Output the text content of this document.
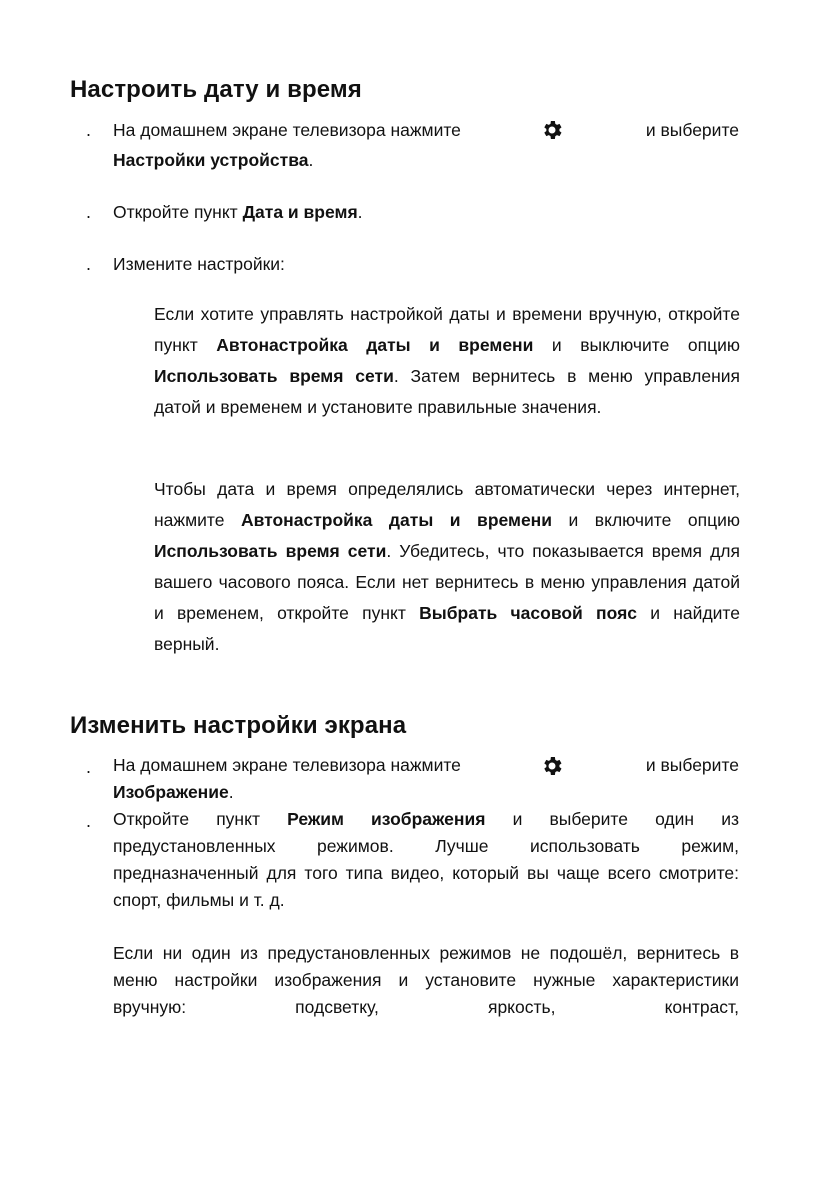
Настроить дату и время
. На домашнем экране телевизора нажмите	и выберите
Настройки устройства.
. Откройте пункт Дата и время.
. Измените настройки:
Если хотите управлять настройкой даты и времени вручную, откройте пункт Автонастройка даты и времени и выключите опцию Использовать время сети. Затем вернитесь в меню управления датой и временем и установите правильные значения.
Чтобы дата и время определялись автоматически через интернет, нажмите Автонастройка даты и времени и включите опцию Использовать время сети. Убедитесь, что показывается время для вашего часового пояса. Если нет вернитесь в меню управления датой и временем, откройте пункт Выбрать часовой пояс и найдите верный.
Изменить настройки экрана
. На домашнем экране телевизора нажмите	и выберите
Изображение.
. Откройте пункт Режим изображения и выберите один из предустановленных режимов. Лучше использовать режим, предназначенный для того типа видео, который вы чаще всего смотрите: спорт, фильмы и т. д.
Если ни один из предустановленных режимов не подошёл, вернитесь в меню настройки изображения и установите нужные характеристики вручную: подсветку, яркость, контраст,
